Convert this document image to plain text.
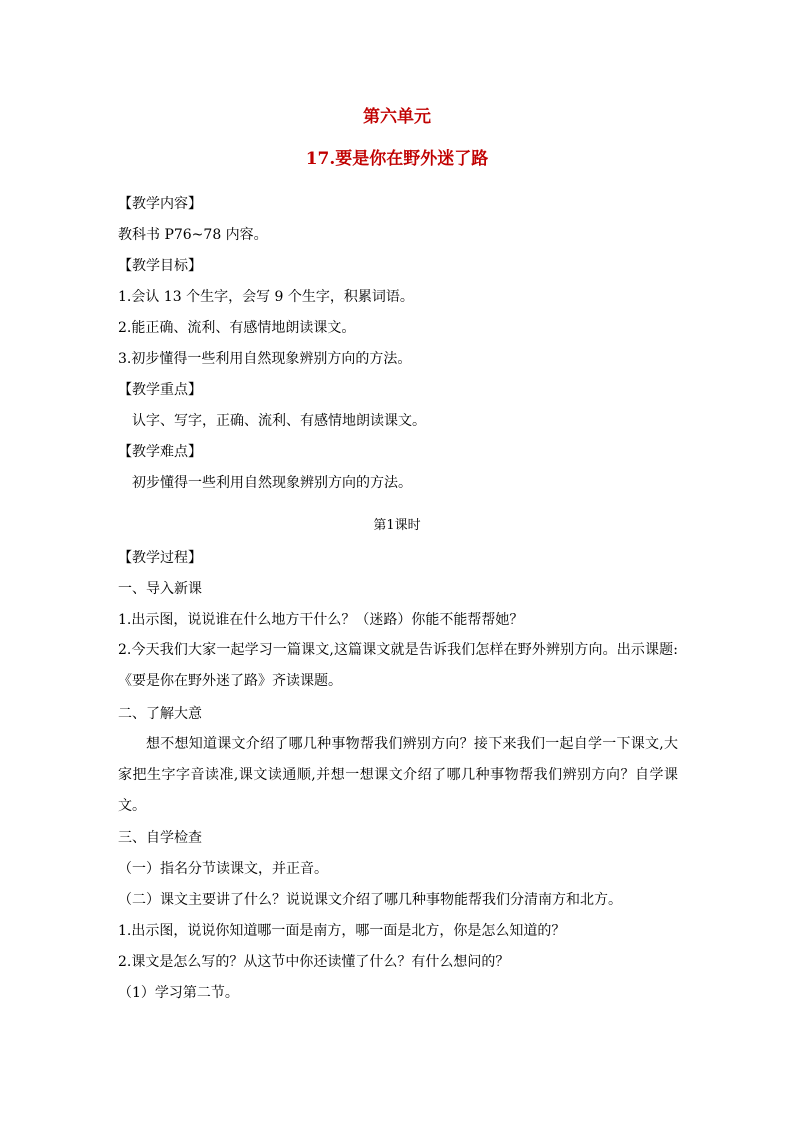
第六单元
17.要是你在野外迷了路
【教学内容】
教科书 P76~78 内容。
【教学目标】
1.会认 13 个生字，会写 9 个生字，积累词语。
2.能正确、流利、有感情地朗读课文。
3.初步懂得一些利用自然现象辨别方向的方法。
【教学重点】
认字、写字，正确、流利、有感情地朗读课文。
【教学难点】
初步懂得一些利用自然现象辨别方向的方法。
第1课时
【教学过程】
一、导入新课
1.出示图，说说谁在什么地方干什么？（迷路）你能不能帮帮她？
2.今天我们大家一起学习一篇课文,这篇课文就是告诉我们怎样在野外辨别方向。出示课题:《要是你在野外迷了路》齐读课题。
二、了解大意
想不想知道课文介绍了哪几种事物帮我们辨别方向？接下来我们一起自学一下课文,大家把生字字音读准,课文读通顺,并想一想课文介绍了哪几种事物帮我们辨别方向？自学课文。
三、自学检查
（一）指名分节读课文，并正音。
（二）课文主要讲了什么？说说课文介绍了哪几种事物能帮我们分清南方和北方。
1.出示图，说说你知道哪一面是南方，哪一面是北方，你是怎么知道的？
2.课文是怎么写的？从这节中你还读懂了什么？有什么想问的？
（1）学习第二节。
